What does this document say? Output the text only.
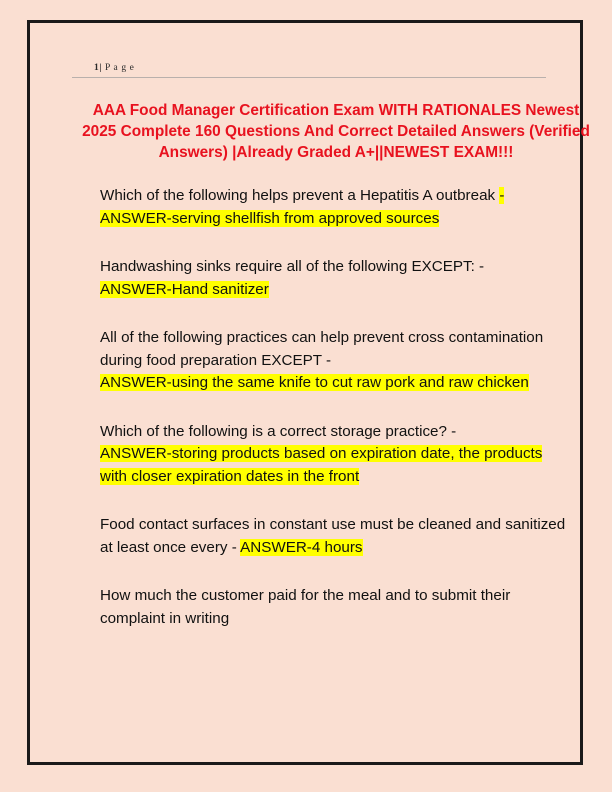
1| P a g e
AAA Food Manager Certification Exam WITH RATIONALES Newest 2025 Complete 160 Questions And Correct Detailed Answers (Verified Answers) |Already Graded A+||NEWEST EXAM!!!
Which of the following helps prevent a Hepatitis A outbreak - ANSWER-serving shellfish from approved sources
Handwashing sinks require all of the following EXCEPT: -
ANSWER-Hand sanitizer
All of the following practices can help prevent cross contamination during food preparation EXCEPT -
ANSWER-using the same knife to cut raw pork and raw chicken
Which of the following is a correct storage practice? -
ANSWER-storing products based on expiration date, the products with closer expiration dates in the front
Food contact surfaces in constant use must be cleaned and sanitized at least once every - ANSWER-4 hours
How much the customer paid for the meal and to submit their complaint in writing
